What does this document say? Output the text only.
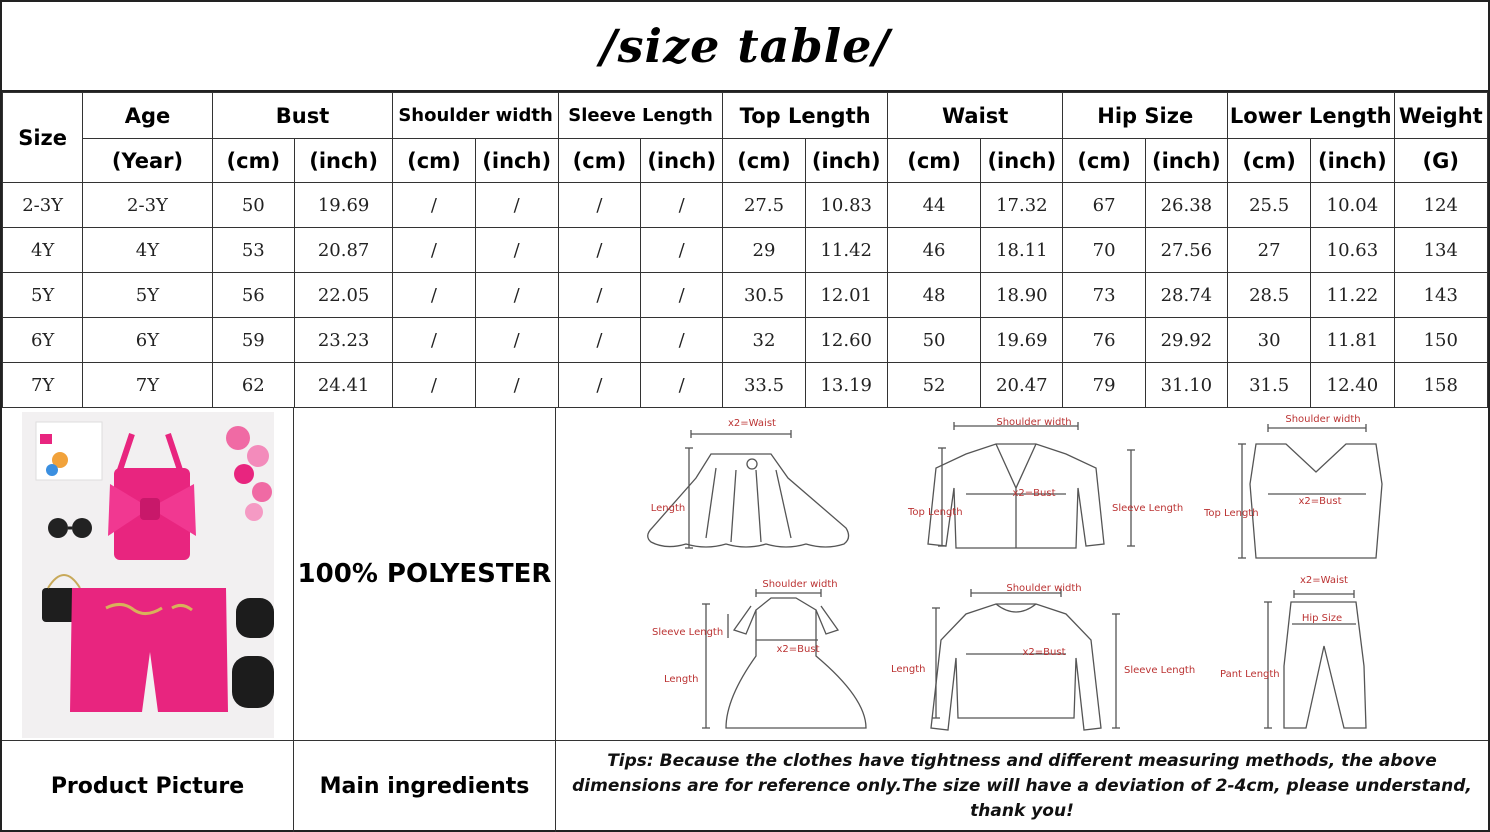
/size table/
Size	Age	Bust		Shoulder width		Sleeve Length		Top Length		Waist		Hip Size		Lower Length		Weight
	(Year)	(cm)	(inch)	(cm)	(inch)	(cm)	(inch)	(cm)	(inch)	(cm)	(inch)	(cm)	(inch)	(cm)	(inch)	(G)
2-3Y	2-3Y	50	19.69	/	/	/	/	27.5	10.83	44	17.32	67	26.38	25.5	10.04	124
4Y	4Y	53	20.87	/	/	/	/	29	11.42	46	18.11	70	27.56	27	10.63	134
5Y	5Y	56	22.05	/	/	/	/	30.5	12.01	48	18.90	73	28.74	28.5	11.22	143
6Y	6Y	59	23.23	/	/	/	/	32	12.60	50	19.69	76	29.92	30	11.81	150
7Y	7Y	62	24.41	/	/	/	/	33.5	13.19	52	20.47	79	31.10	31.5	12.40	158
100% POLYESTER
x2=Waist
Length
Shoulder width
Top Length
x2=Bust
Sleeve Length
Shoulder width
Top Length
x2=Bust
Shoulder width
Sleeve Length
x2=Bust
Length
Shoulder width
Length
x2=Bust
Sleeve Length
x2=Waist
Hip Size
Pant Length
Product Picture	Main ingredients
Tips: Because the clothes have tightness and different measuring methods, the above dimensions are for reference only.The size will have a deviation of 2-4cm, please understand, thank you!
